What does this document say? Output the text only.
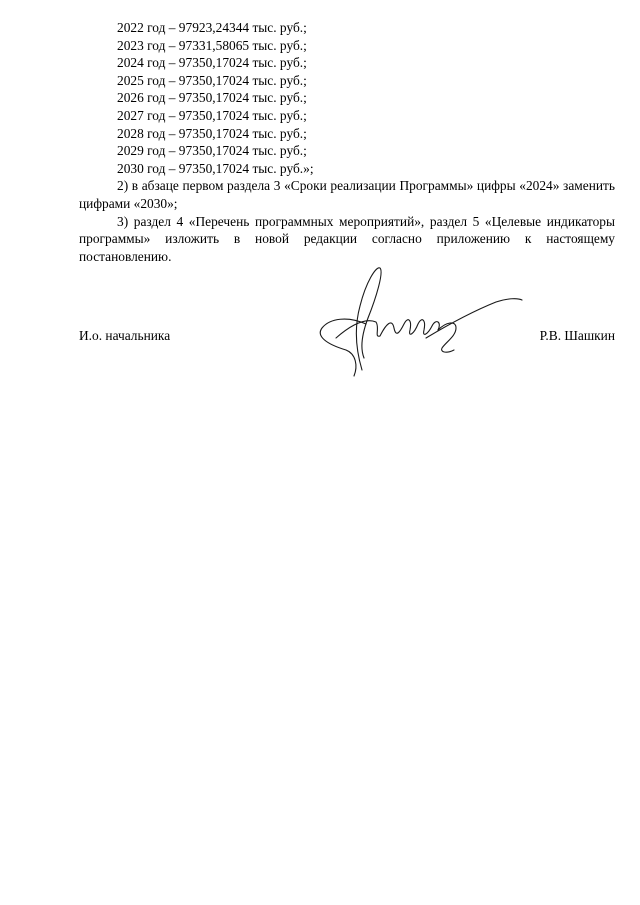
2022 год – 97923,24344 тыс. руб.;
2023 год – 97331,58065 тыс. руб.;
2024 год – 97350,17024 тыс. руб.;
2025 год – 97350,17024 тыс. руб.;
2026 год – 97350,17024 тыс. руб.;
2027 год – 97350,17024 тыс. руб.;
2028 год – 97350,17024 тыс. руб.;
2029 год – 97350,17024 тыс. руб.;
2030 год – 97350,17024 тыс. руб.»;

2) в абзаце первом раздела 3 «Сроки реализации Программы» цифры «2024» заменить цифрами «2030»;

3) раздел 4 «Перечень программных мероприятий», раздел 5 «Целевые индикаторы программы» изложить в новой редакции согласно приложению к настоящему постановлению.

И.о. начальника	Р.В. Шашкин
